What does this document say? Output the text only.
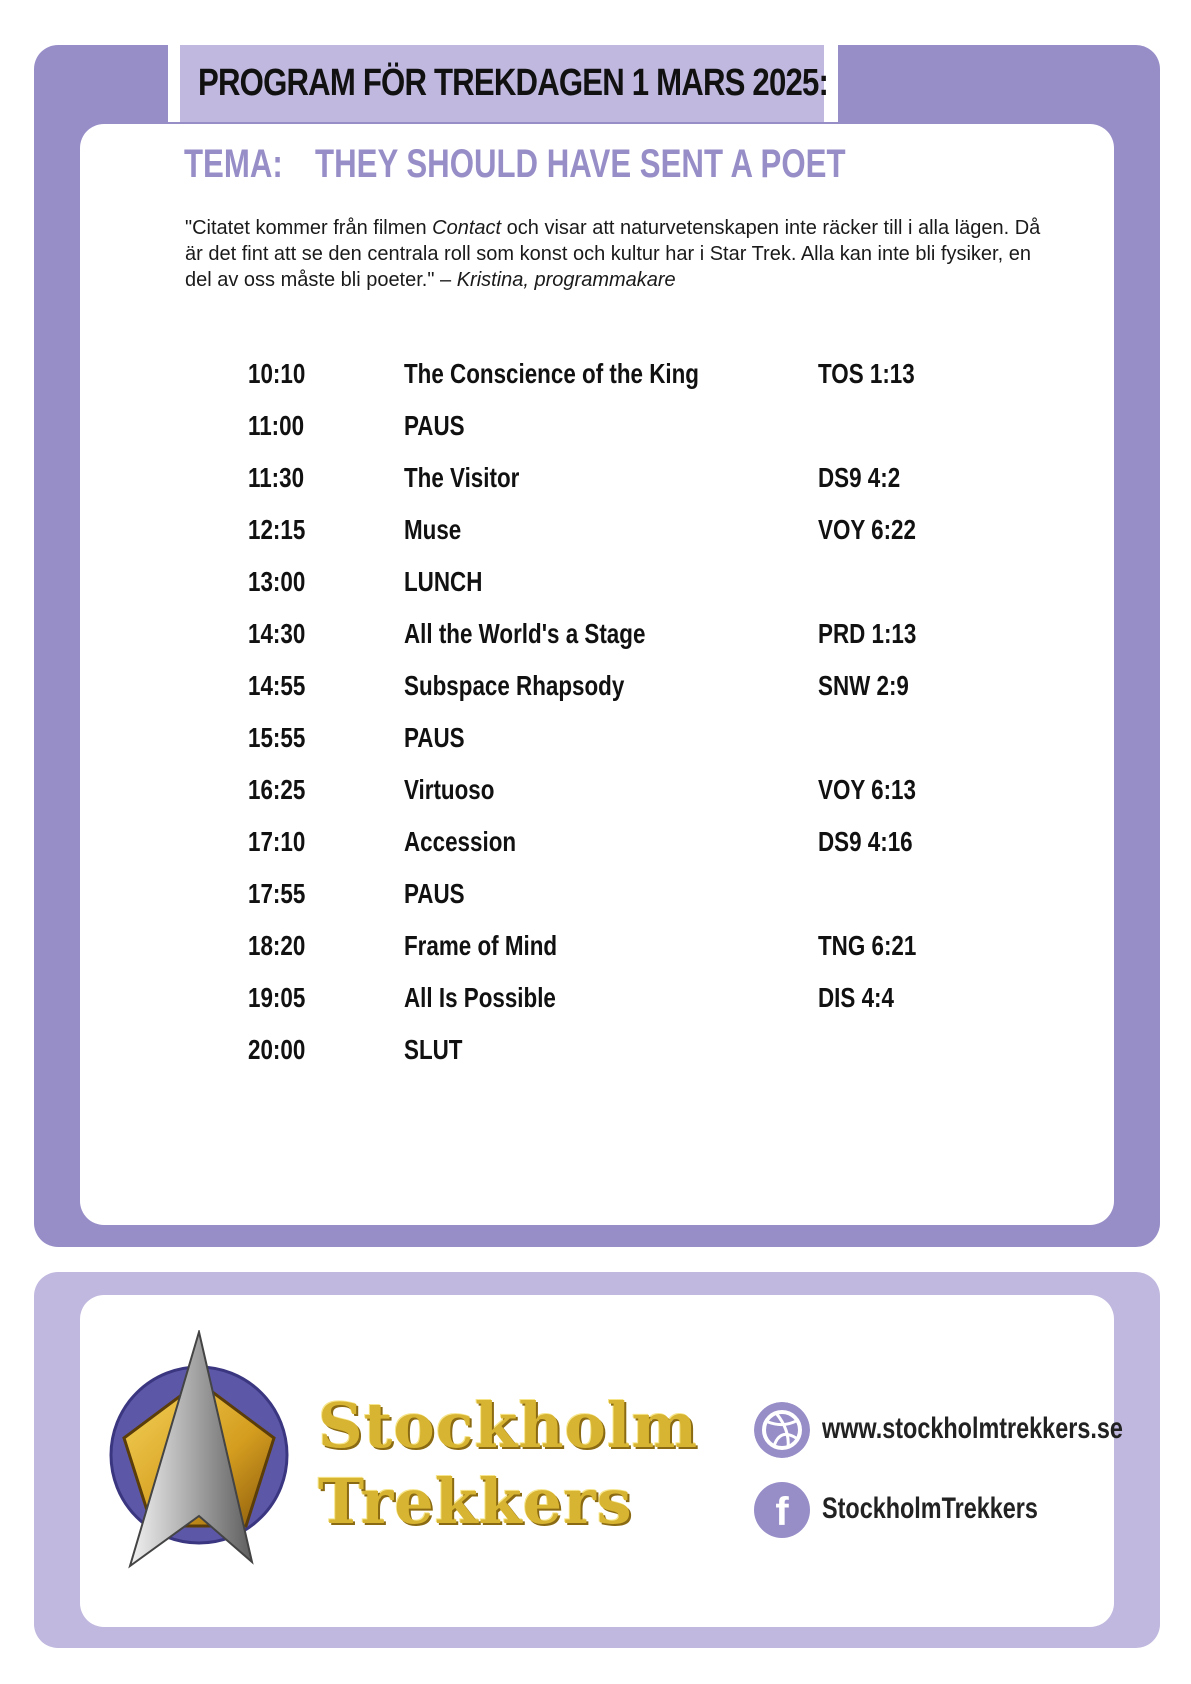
PROGRAM FÖR TREKDAGEN 1 MARS 2025:
TEMA: THEY SHOULD HAVE SENT A POET
"Citatet kommer från filmen Contact och visar att naturvetenskapen inte räcker till i alla lägen. Då är det fint att se den centrala roll som konst och kultur har i Star Trek. Alla kan inte bli fysiker, en del av oss måste bli poeter." – Kristina, programmakare
10:10	The Conscience of the King	TOS 1:13
11:00	PAUS
11:30	The Visitor	DS9 4:2
12:15	Muse	VOY 6:22
13:00	LUNCH
14:30	All the World's a Stage	PRD 1:13
14:55	Subspace Rhapsody	SNW 2:9
15:55	PAUS
16:25	Virtuoso	VOY 6:13
17:10	Accession	DS9 4:16
17:55	PAUS
18:20	Frame of Mind	TNG 6:21
19:05	All Is Possible	DIS 4:4
20:00	SLUT
Stockholm
Trekkers
www.stockholmtrekkers.se
f	StockholmTrekkers
